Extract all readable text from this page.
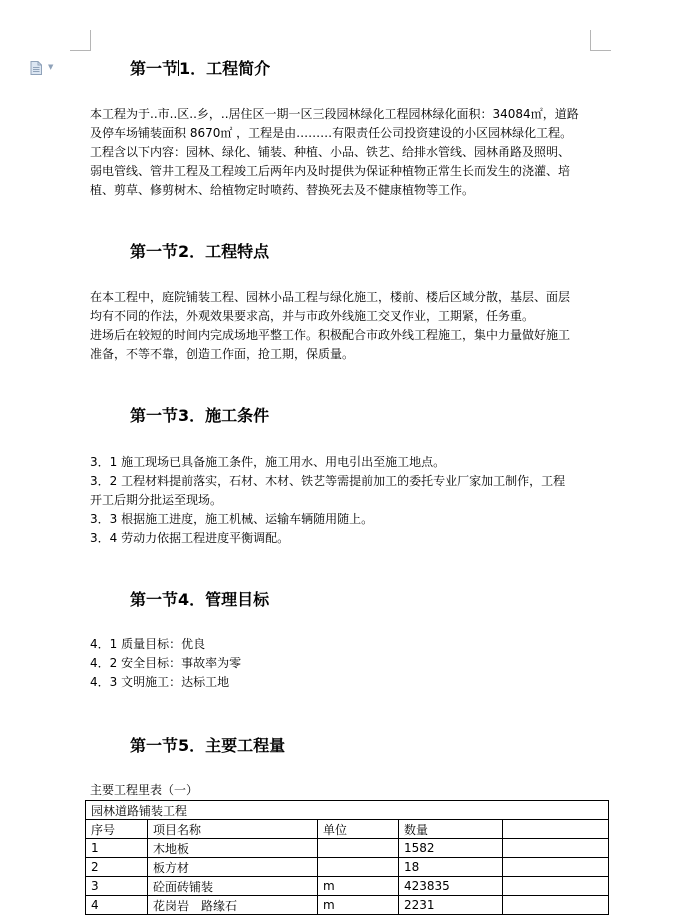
▼	第一节1．工程简介
本工程为于..市..区..乡，..居住区一期一区三段园林绿化工程园林绿化面积：34084㎡，道路
及停车场铺装面积 8670㎡ ，工程是由………有限责任公司投资建设的小区园林绿化工程。
工程含以下内容：园林、绿化、铺装、种植、小品、铁艺、给排水管线、园林甬路及照明、
弱电管线、管井工程及工程竣工后两年内及时提供为保证种植物正常生长而发生的浇灌、培
植、剪草、修剪树木、给植物定时喷药、替换死去及不健康植物等工作。
第一节2．工程特点
在本工程中，庭院铺装工程、园林小品工程与绿化施工，楼前、楼后区域分散，基层、面层
均有不同的作法，外观效果要求高，并与市政外线施工交叉作业，工期紧，任务重。
进场后在较短的时间内完成场地平整工作。积极配合市政外线工程施工，集中力量做好施工
准备，不等不靠，创造工作面，抢工期，保质量。
第一节3．施工条件
3．1 施工现场已具备施工条件，施工用水、用电引出至施工地点。
3．2 工程材料提前落实，石材、木材、铁艺等需提前加工的委托专业厂家加工制作，工程
开工后期分批运至现场。
3．3 根据施工进度，施工机械、运输车辆随用随上。
3．4 劳动力依据工程进度平衡调配。
第一节4．管理目标
4．1 质量目标：优良
4．2 安全目标：事故率为零
4．3 文明施工：达标工地
第一节5．主要工程量
主要工程里表（一）
园林道路铺装工程				
序号	项目名称	单位	数量	
1	木地板		1582	
2	板方材		18	
3	砼面砖铺装	m	423835	
4	花岗岩　路缘石	m	2231	
